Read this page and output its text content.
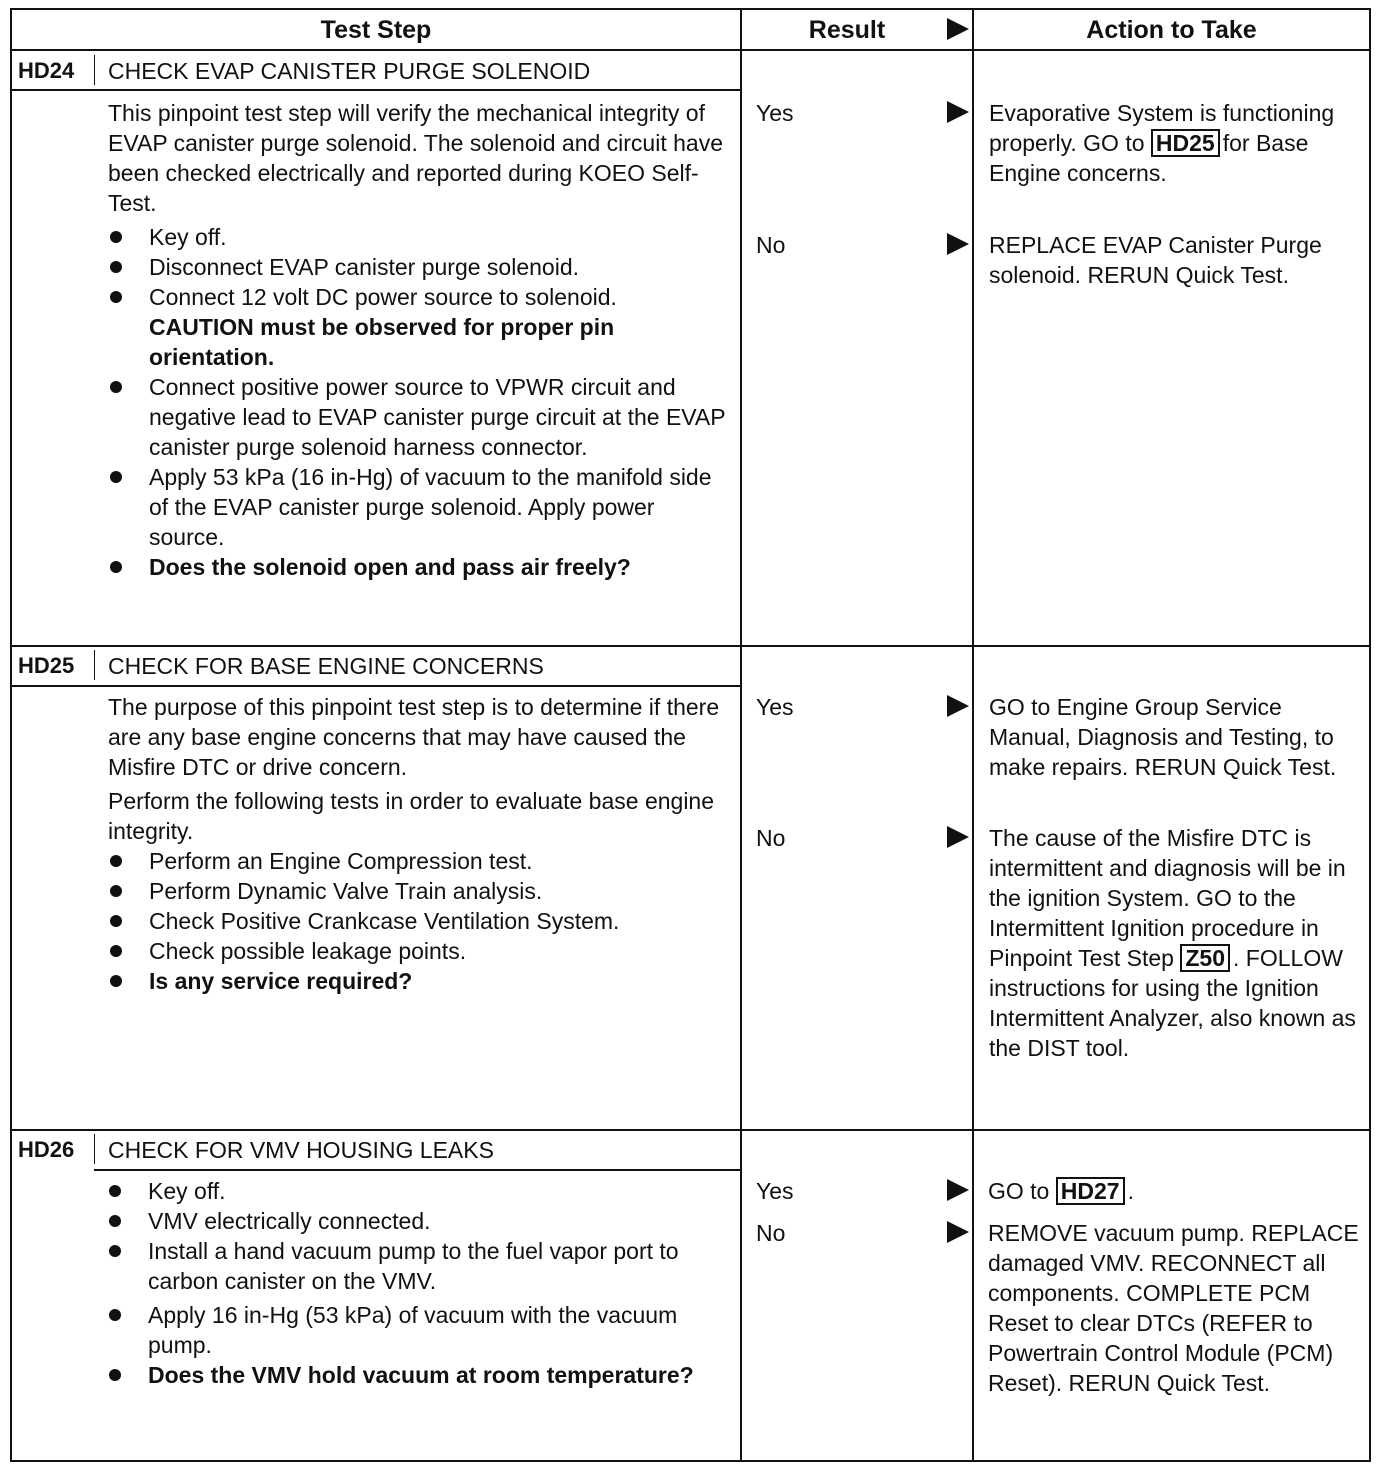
Test Step	Result	Action to Take
HD24 CHECK EVAP CANISTER PURGE SOLENOID

This pinpoint test step will verify the mechanical integrity of EVAP canister purge solenoid. The solenoid and circuit have been checked electrically and reported during KOEO Self-Test.

Key off.
Disconnect EVAP canister purge solenoid.
Connect 12 volt DC power source to solenoid.
CAUTION must be observed for proper pin orientation.
Connect positive power source to VPWR circuit and negative lead to EVAP canister purge circuit at the EVAP canister purge solenoid harness connector.
Apply 53 kPa (16 in-Hg) of vacuum to the manifold side of the EVAP canister purge solenoid. Apply power source.
Does the solenoid open and pass air freely?
Yes
No
Evaporative System is functioning properly. GO to HD25 for Base Engine concerns.
REPLACE EVAP Canister Purge solenoid. RERUN Quick Test.
HD25 CHECK FOR BASE ENGINE CONCERNS

The purpose of this pinpoint test step is to determine if there are any base engine concerns that may have caused the Misfire DTC or drive concern.

Perform the following tests in order to evaluate base engine integrity.

Perform an Engine Compression test.
Perform Dynamic Valve Train analysis.
Check Positive Crankcase Ventilation System.
Check possible leakage points.
Is any service required?
Yes
No
GO to Engine Group Service Manual, Diagnosis and Testing, to make repairs. RERUN Quick Test.
The cause of the Misfire DTC is intermittent and diagnosis will be in the ignition System. GO to the Intermittent Ignition procedure in Pinpoint Test Step Z50 . FOLLOW instructions for using the Ignition Intermittent Analyzer, also known as the DIST tool.
HD26 CHECK FOR VMV HOUSING LEAKS
Key off.
VMV electrically connected.
Install a hand vacuum pump to the fuel vapor port to carbon canister on the VMV.
Apply 16 in-Hg (53 kPa) of vacuum with the vacuum pump.
Does the VMV hold vacuum at room temperature?
Yes
No
GO to HD27 .
REMOVE vacuum pump. REPLACE damaged VMV. RECONNECT all components. COMPLETE PCM Reset to clear DTCs (REFER to Powertrain Control Module (PCM) Reset). RERUN Quick Test.
